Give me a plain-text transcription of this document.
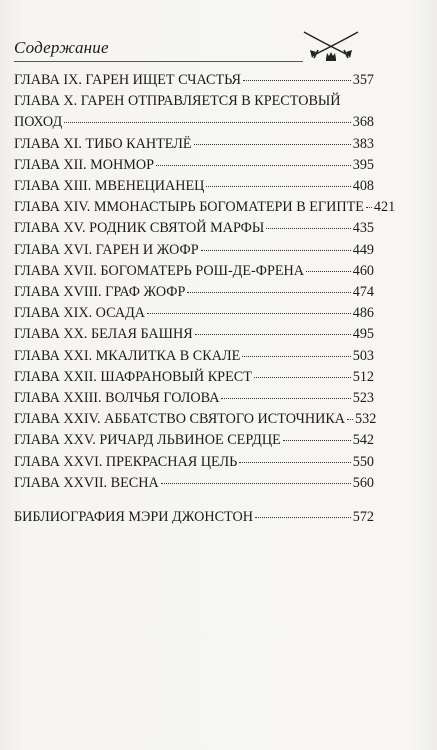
Содержание
ГЛАВА IX. ГАРЕН ИЩЕТ СЧАСТЬЯ	357
ГЛАВА X. ГАРЕН ОТПРАВЛЯЕТСЯ В КРЕСТОВЫЙ
ПОХОД	368
ГЛАВА XI. ТИБО КАНТЕЛЁ	383
ГЛАВА XII. МОНМОР	395
ГЛАВА XIII. МВЕНЕЦИАНЕЦ	408
ГЛАВА XIV. ММОНАСТЫРЬ БОГОМАТЕРИ В ЕГИПТЕ 421
ГЛАВА XV. РОДНИК СВЯТОЙ МАРФЫ	435
ГЛАВА XVI. ГАРЕН И ЖОФР	449
ГЛАВА XVII. БОГОМАТЕРЬ РОШ-ДЕ-ФРЕНА	460
ГЛАВА XVIII. ГРАФ ЖОФР	474
ГЛАВА XIX. ОСАДА	486
ГЛАВА XX. БЕЛАЯ БАШНЯ	495
ГЛАВА XXI. МКАЛИТКА В СКАЛЕ	503
ГЛАВА XXII. ШАФРАНОВЫЙ КРЕСТ	512
ГЛАВА XXIII. ВОЛЧЬЯ ГОЛОВА	523
ГЛАВА XXIV. АББАТСТВО СВЯТОГО ИСТОЧНИКА 532
ГЛАВА XXV. РИЧАРД ЛЬВИНОЕ СЕРДЦЕ	542
ГЛАВА XXVI. ПРЕКРАСНАЯ ЦЕЛЬ	550
ГЛАВА XXVII. ВЕСНА	560
БИБЛИОГРАФИЯ МЭРИ ДЖОНСТОН	572
